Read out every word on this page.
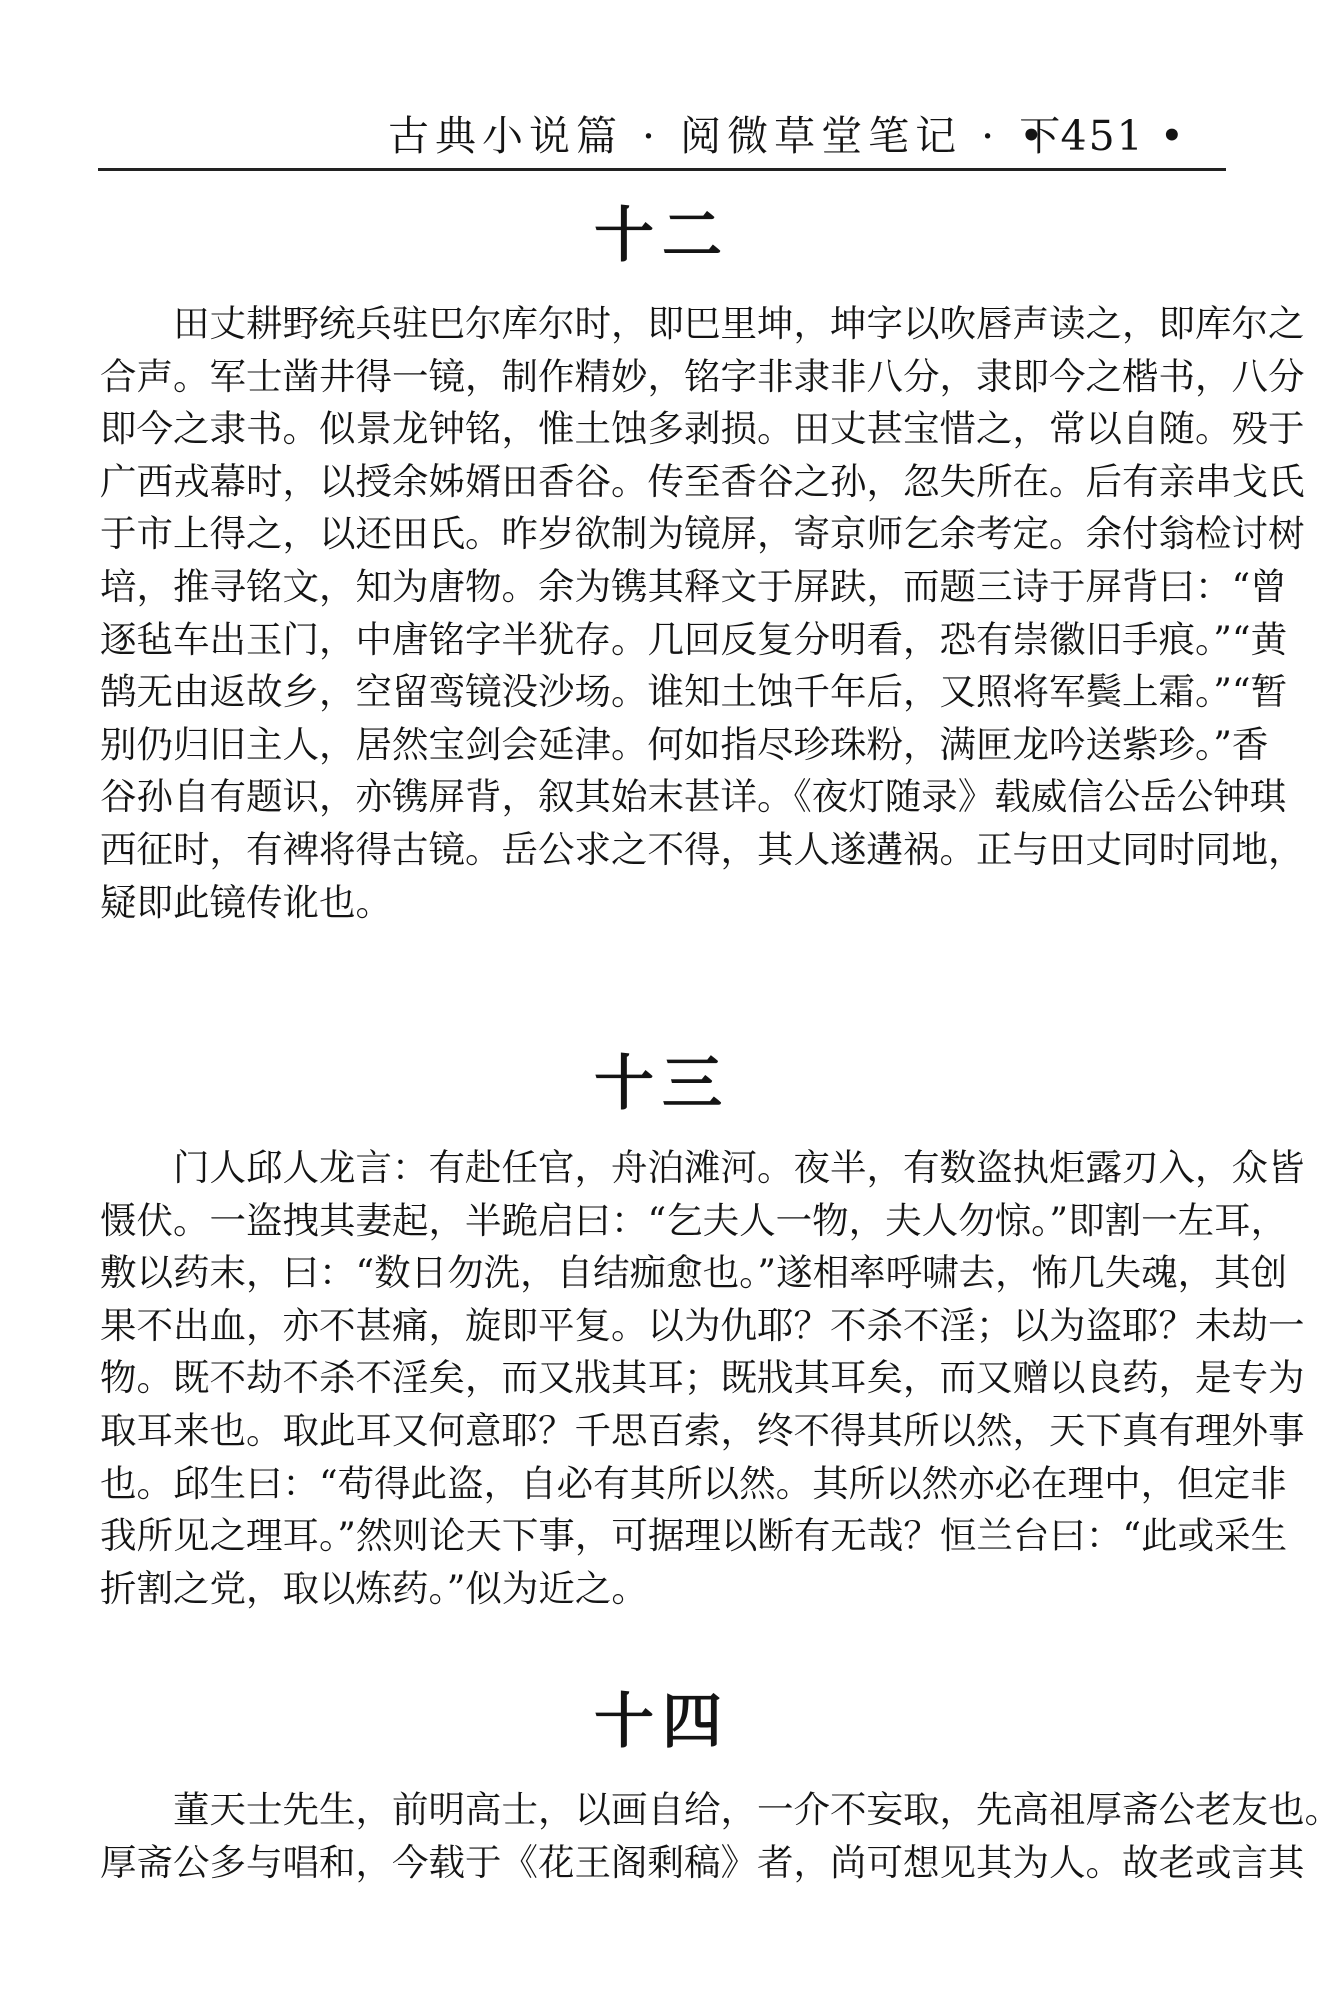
古典小说篇 · 阅微草堂笔记 · 下
• 451 •
十二
田丈耕野统兵驻巴尔库尔时，即巴里坤，坤字以吹唇声读之，即库尔之
合声。军士凿井得一镜，制作精妙，铭字非隶非八分，隶即今之楷书，八分
即今之隶书。似景龙钟铭，惟土蚀多剥损。田丈甚宝惜之，常以自随。殁于
广西戎幕时，以授余姊婿田香谷。传至香谷之孙，忽失所在。后有亲串戈氏
于市上得之，以还田氏。昨岁欲制为镜屏，寄京师乞余考定。余付翁检讨树
培，推寻铭文，知为唐物。余为镌其释文于屏趺，而题三诗于屏背曰：“曾
逐毡车出玉门，中唐铭字半犹存。几回反复分明看，恐有崇徽旧手痕。”“黄
鹄无由返故乡，空留鸾镜没沙场。谁知土蚀千年后，又照将军鬓上霜。”“暂
别仍归旧主人，居然宝剑会延津。何如指尽珍珠粉，满匣龙吟送紫珍。”香
谷孙自有题识，亦镌屏背，叙其始末甚详。《夜灯随录》载威信公岳公钟琪
西征时，有裨将得古镜。岳公求之不得，其人遂遘祸。正与田丈同时同地，
疑即此镜传讹也。
十三
门人邱人龙言：有赴任官，舟泊滩河。夜半，有数盗执炬露刃入，众皆
慑伏。一盗拽其妻起，半跪启曰：“乞夫人一物，夫人勿惊。”即割一左耳，
敷以药末，曰：“数日勿洗，自结痂愈也。”遂相率呼啸去，怖几失魂，其创
果不出血，亦不甚痛，旋即平复。以为仇耶？不杀不淫；以为盗耶？未劫一
物。既不劫不杀不淫矣，而又戕其耳；既戕其耳矣，而又赠以良药，是专为
取耳来也。取此耳又何意耶？千思百索，终不得其所以然，天下真有理外事
也。邱生曰：“苟得此盗，自必有其所以然。其所以然亦必在理中，但定非
我所见之理耳。”然则论天下事，可据理以断有无哉？恒兰台曰：“此或采生
折割之党，取以炼药。”似为近之。
十四
董天士先生，前明高士，以画自给，一介不妄取，先高祖厚斋公老友也。
厚斋公多与唱和，今载于《花王阁剩稿》者，尚可想见其为人。故老或言其
